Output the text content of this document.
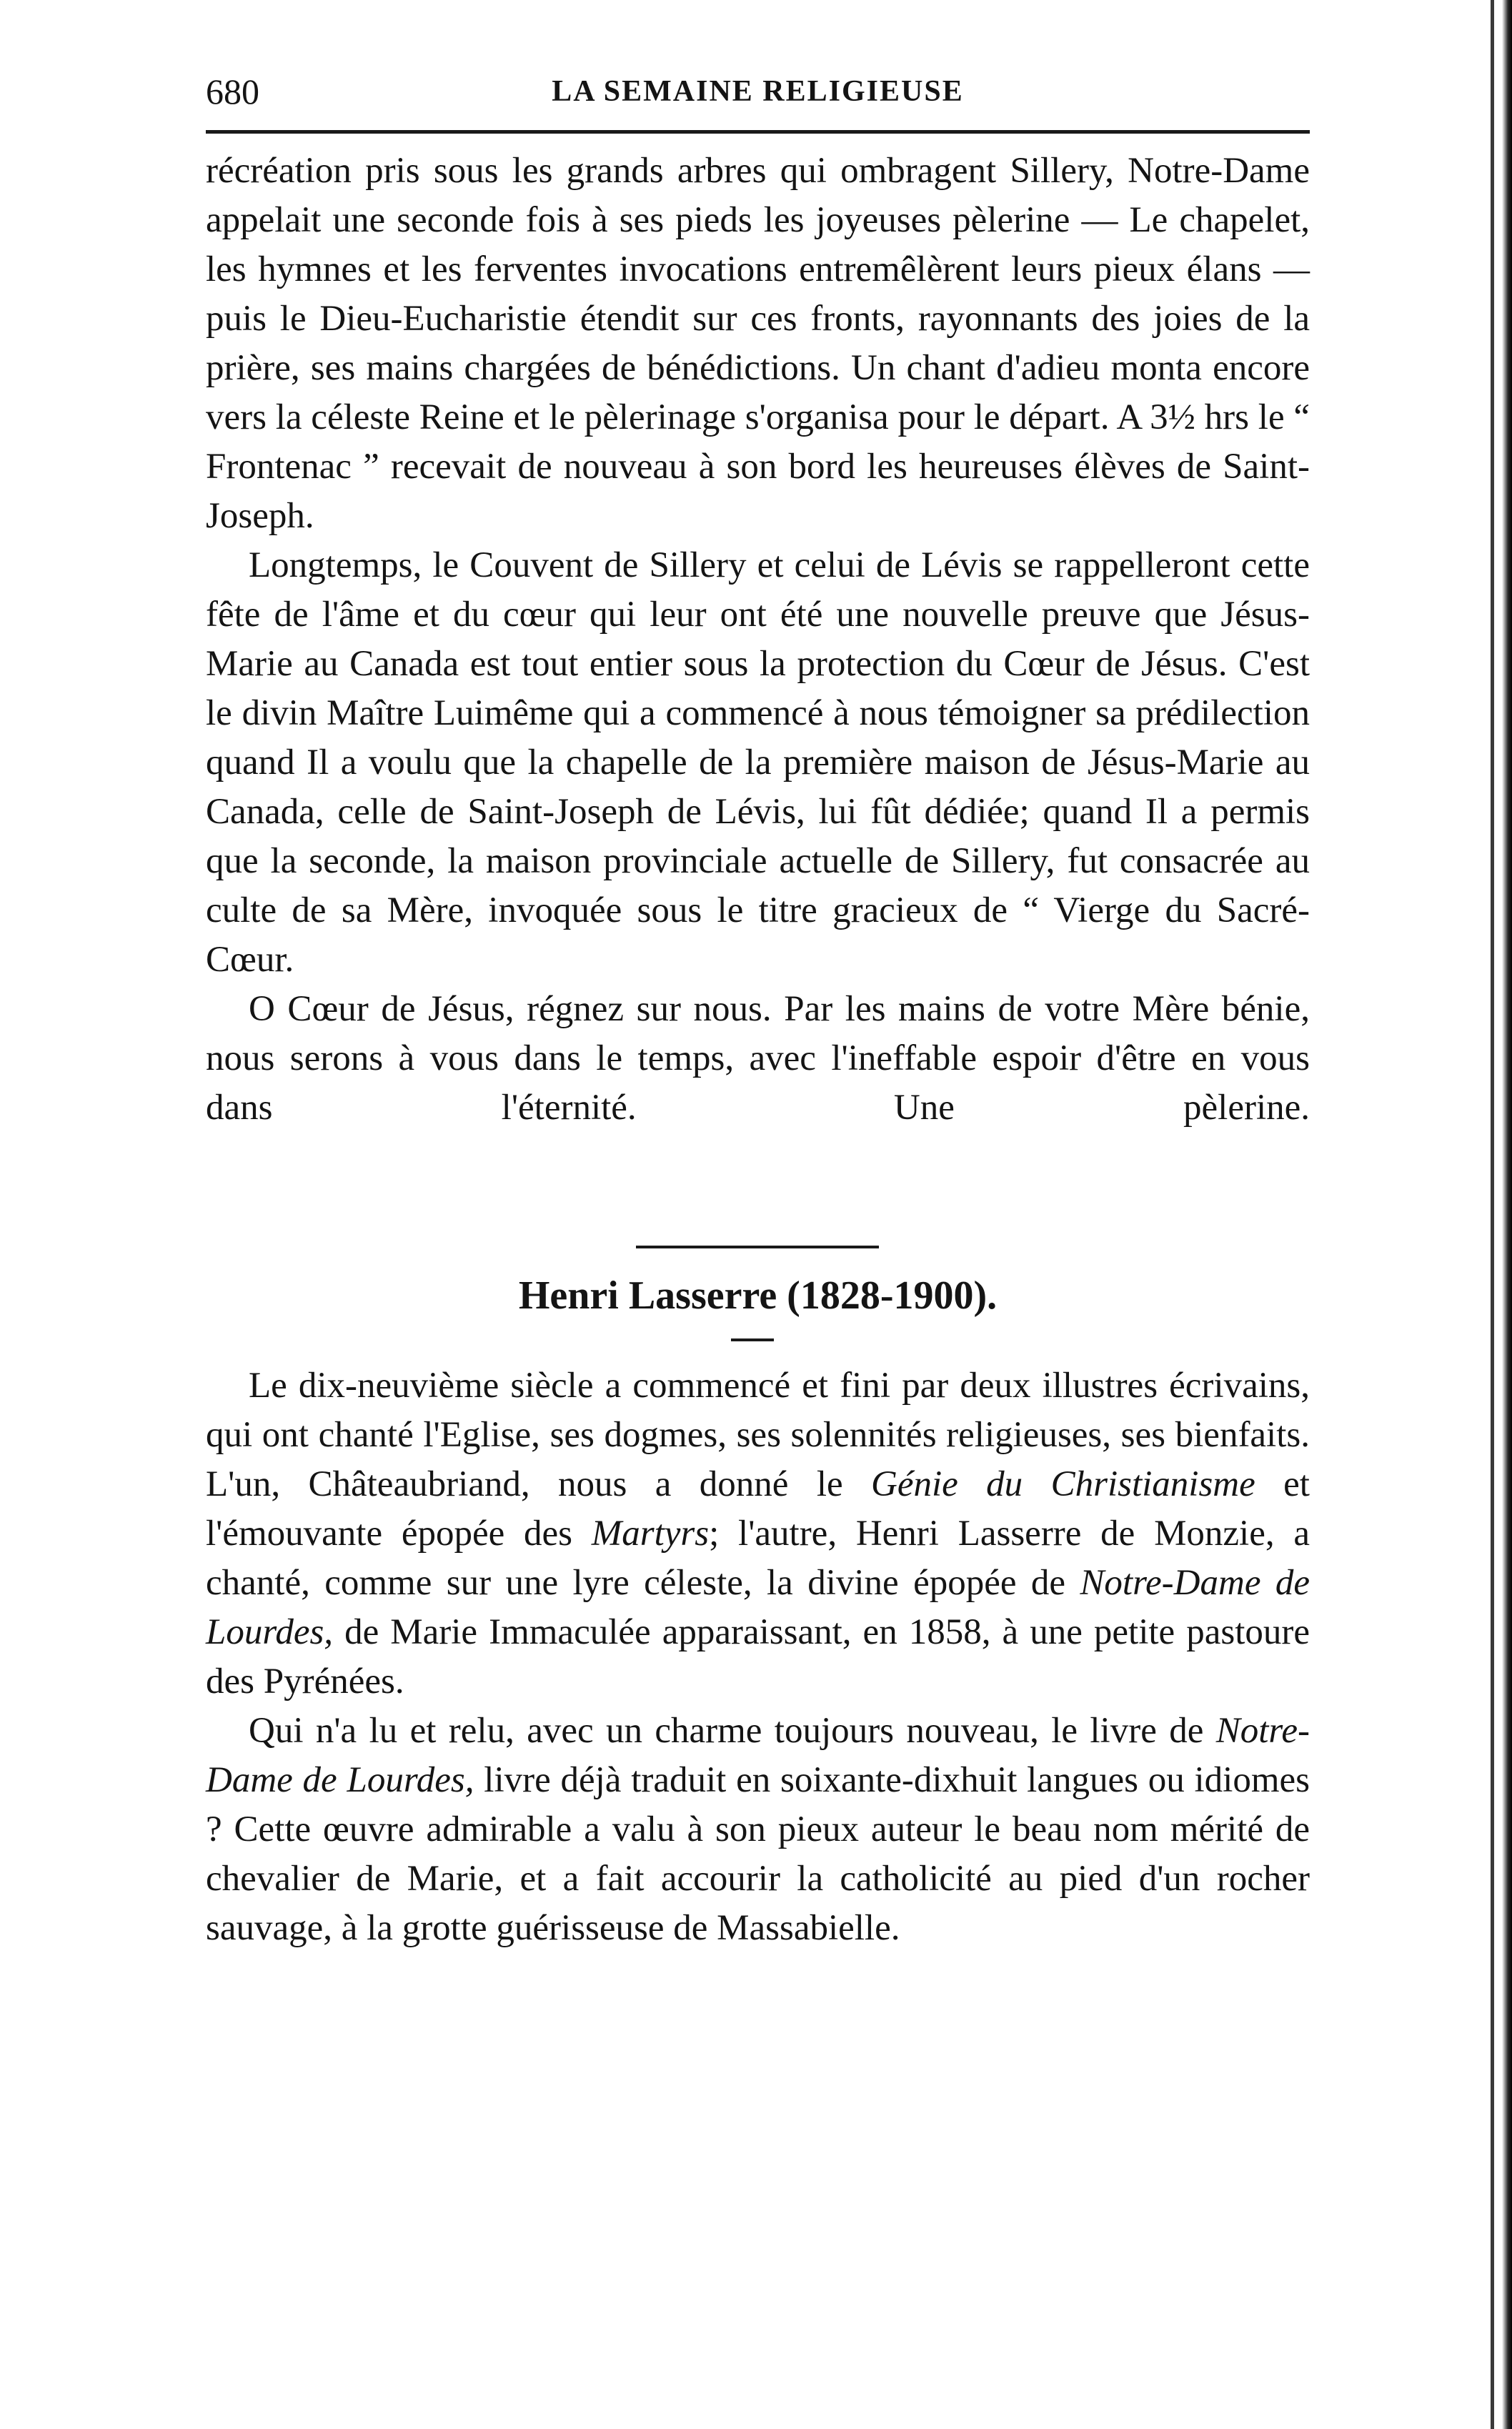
680	LA SEMAINE RELIGIEUSE

récréation pris sous les grands arbres qui ombragent Sillery, Notre-Dame appelait une seconde fois à ses pieds les joyeuses pèlerine — Le chapelet, les hymnes et les ferventes invocations entremêlèrent leurs pieux élans — puis le Dieu-Eucharistie étendit sur ces fronts, rayonnants des joies de la prière, ses mains chargées de bénédictions. Un chant d'adieu monta encore vers la céleste Reine et le pèlerinage s'organisa pour le départ. A 3½ hrs le “ Frontenac ” recevait de nouveau à son bord les heureuses élèves de Saint-Joseph.

Longtemps, le Couvent de Sillery et celui de Lévis se rappelleront cette fête de l'âme et du cœur qui leur ont été une nouvelle preuve que Jésus-Marie au Canada est tout entier sous la protection du Cœur de Jésus. C'est le divin Maître Luimême qui a commencé à nous témoigner sa prédilection quand Il a voulu que la chapelle de la première maison de Jésus-Marie au Canada, celle de Saint-Joseph de Lévis, lui fût dédiée; quand Il a permis que la seconde, la maison provinciale actuelle de Sillery, fut consacrée au culte de sa Mère, invoquée sous le titre gracieux de “ Vierge du Sacré-Cœur.

O Cœur de Jésus, régnez sur nous. Par les mains de votre Mère bénie, nous serons à vous dans le temps, avec l'ineffable espoir d'être en vous dans l'éternité.	Une pèlerine.

Henri Lasserre (1828-1900).

Le dix-neuvième siècle a commencé et fini par deux illustres écrivains, qui ont chanté l'Eglise, ses dogmes, ses solennités religieuses, ses bienfaits. L'un, Châteaubriand, nous a donné le Génie du Christianisme et l'émouvante épopée des Martyrs; l'autre, Henri Lasserre de Monzie, a chanté, comme sur une lyre céleste, la divine épopée de Notre-Dame de Lourdes, de Marie Immaculée apparaissant, en 1858, à une petite pastoure des Pyrénées.

Qui n'a lu et relu, avec un charme toujours nouveau, le livre de Notre-Dame de Lourdes, livre déjà traduit en soixante-dixhuit langues ou idiomes ? Cette œuvre admirable a valu à son pieux auteur le beau nom mérité de chevalier de Marie, et a fait accourir la catholicité au pied d'un rocher sauvage, à la grotte guérisseuse de Massabielle.
